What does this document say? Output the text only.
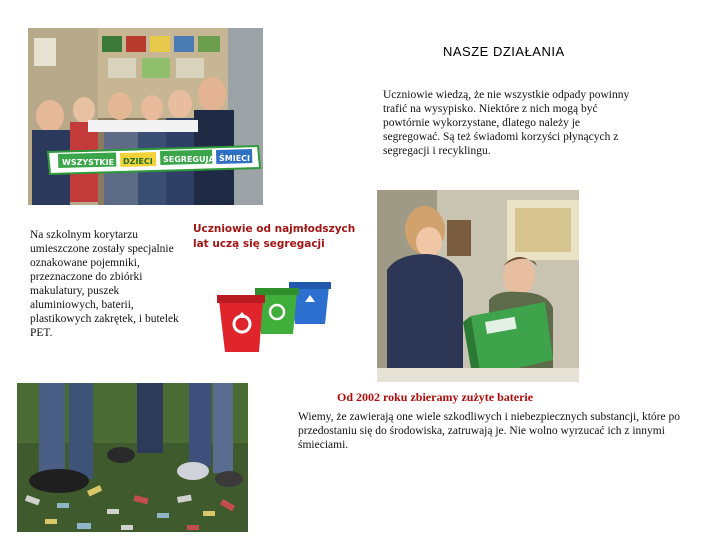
NASZE DZIAŁANIA
WSZYSTKIE DZIECI SEGREGUJĄ ŚMIECI
Uczniowie wiedzą, że nie wszystkie odpady powinny trafić na wysypisko. Niektóre z nich mogą być powtórnie wykorzystane, dlatego należy je segregować. Są też świadomi korzyści płynących z segregacji i recyklingu.
Na szkolnym korytarzu umieszczone zostały specjalnie oznakowane pojemniki, przeznaczone do zbiórki makulatury, puszek aluminiowych, baterii, plastikowych zakrętek, i butelek PET.
Uczniowie od najmłodszych
lat uczą się segregacji
Od 2002 roku zbieramy zużyte baterie
Wiemy, że zawierają one wiele szkodliwych i niebezpiecznych substancji, które po przedostaniu się do środowiska, zatruwają je. Nie wolno wyrzucać ich z innymi śmieciami.
